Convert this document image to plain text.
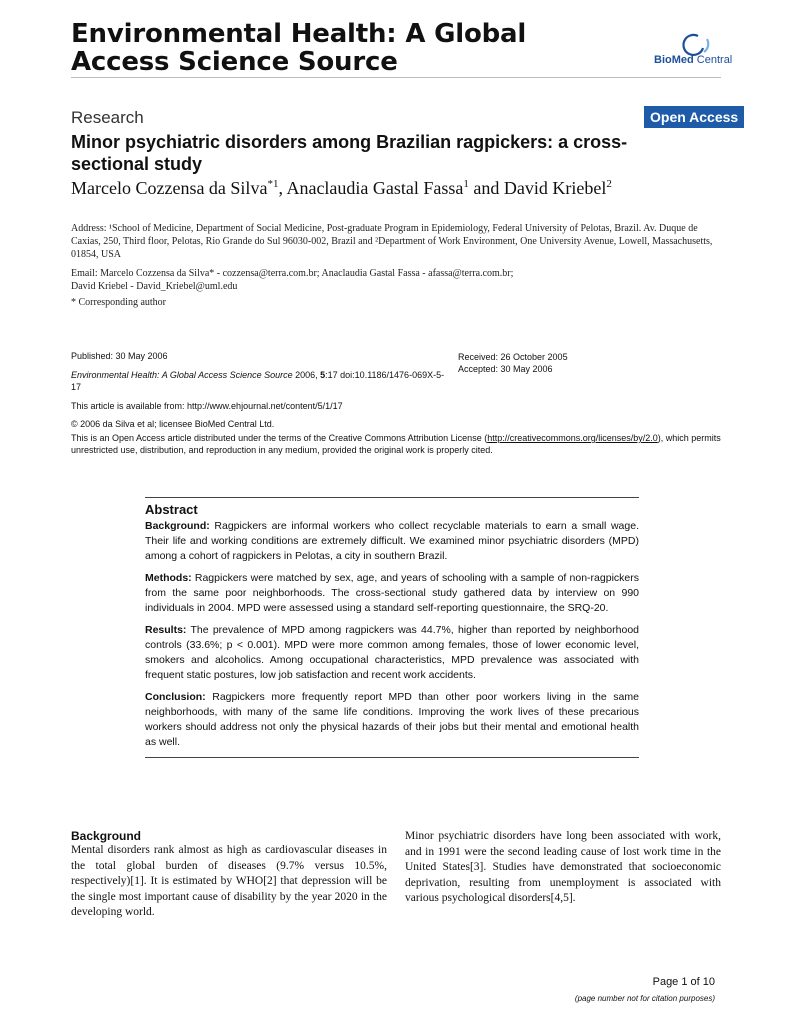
Environmental Health: A Global
Access Science Source	BioMed Central
Research	Open Access
Minor psychiatric disorders among Brazilian ragpickers: a cross-sectional study
Marcelo Cozzensa da Silva$^{*1}$, Anaclaudia Gastal Fassa$^1$ and David Kriebel$^2$
Address: ¹School of Medicine, Department of Social Medicine, Post-graduate Program in Epidemiology, Federal University of Pelotas, Brazil. Av. Duque de Caxias, 250, Third floor, Pelotas, Rio Grande do Sul 96030-002, Brazil and ²Department of Work Environment, One University Avenue, Lowell, Massachusetts, 01854, USA
Email: Marcelo Cozzensa da Silva* - cozzensa@terra.com.br; Anaclaudia Gastal Fassa - afassa@terra.com.br;
David Kriebel - David_Kriebel@uml.edu
* Corresponding author
Published: 30 May 2006	Received: 26 October 2005
Accepted: 30 May 2006
Environmental Health: A Global Access Science Source 2006, 5:17 doi:10.1186/1476-069X-5-17
This article is available from: http://www.ehjournal.net/content/5/1/17
© 2006 da Silva et al; licensee BioMed Central Ltd.
This is an Open Access article distributed under the terms of the Creative Commons Attribution License (http://creativecommons.org/licenses/by/2.0), which permits unrestricted use, distribution, and reproduction in any medium, provided the original work is properly cited.
Abstract

Background: Ragpickers are informal workers who collect recyclable materials to earn a small wage. Their life and working conditions are extremely difficult. We examined minor psychiatric disorders (MPD) among a cohort of ragpickers in Pelotas, a city in southern Brazil.

Methods: Ragpickers were matched by sex, age, and years of schooling with a sample of non-ragpickers from the same poor neighborhoods. The cross-sectional study gathered data by interview on 990 individuals in 2004. MPD were assessed using a standard self-reporting questionnaire, the SRQ-20.

Results: The prevalence of MPD among ragpickers was 44.7%, higher than reported by neighborhood controls (33.6%; p < 0.001). MPD were more common among females, those of lower economic level, smokers and alcoholics. Among occupational characteristics, MPD prevalence was associated with frequent static postures, low job satisfaction and recent work accidents.

Conclusion: Ragpickers more frequently report MPD than other poor workers living in the same neighborhoods, with many of the same life conditions. Improving the work lives of these precarious workers should address not only the physical hazards of their jobs but their mental and emotional health as well.

Background

Mental disorders rank almost as high as cardiovascular diseases in the total global burden of diseases (9.7% versus 10.5%, respectively)[1]. It is estimated by WHO[2] that depression will be the single most important cause of disability by the year 2020 in the developing world.

Minor psychiatric disorders have long been associated with work, and in 1991 were the second leading cause of lost work time in the United States[3]. Studies have demonstrated that socioeconomic deprivation, resulting from unemployment is associated with various psychological disorders[4,5].

Page 1 of 10
(page number not for citation purposes)
